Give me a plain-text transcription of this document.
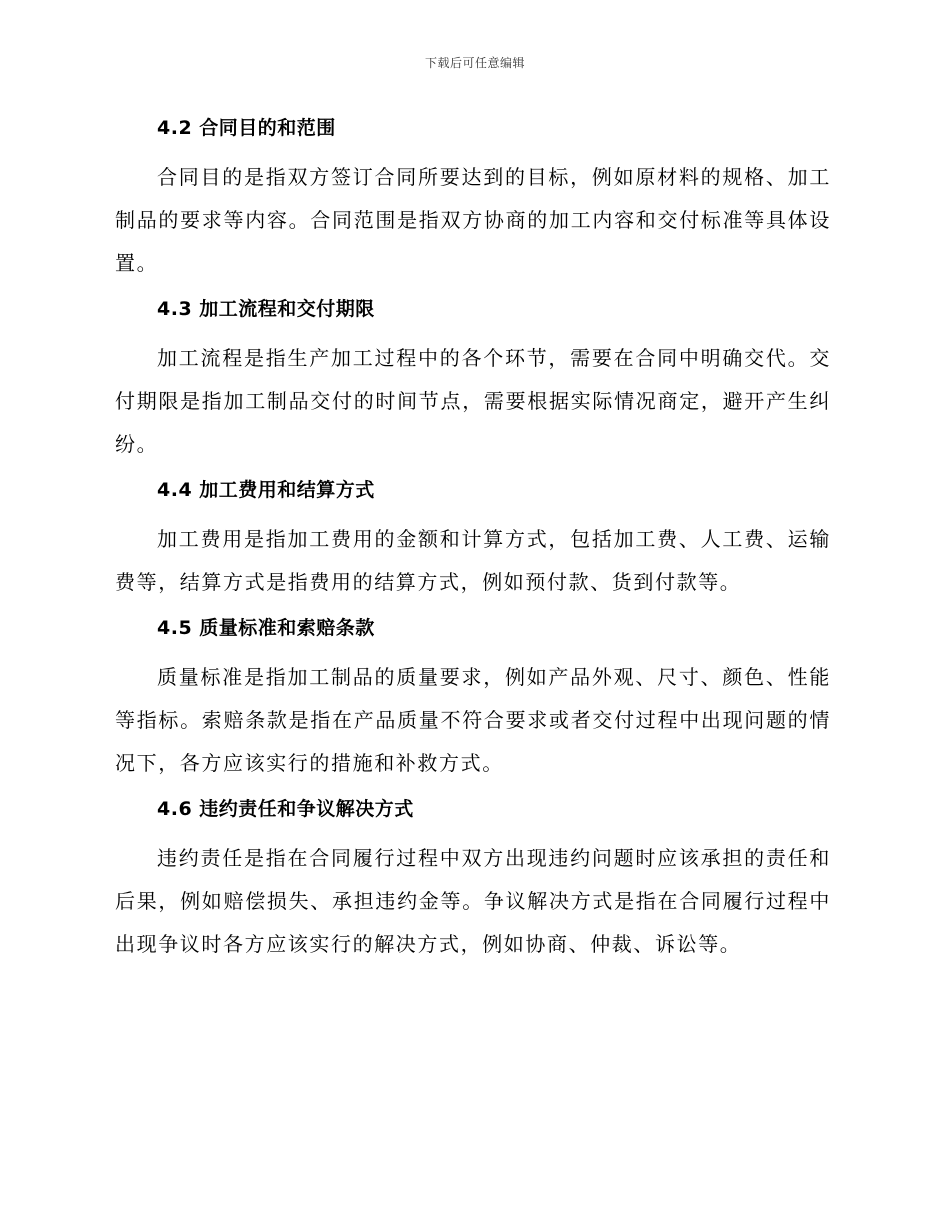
下载后可任意编辑
4.2 合同目的和范围

合同目的是指双方签订合同所要达到的目标，例如原材料的规格、加工制品的要求等内容。合同范围是指双方协商的加工内容和交付标准等具体设置。

4.3 加工流程和交付期限

加工流程是指生产加工过程中的各个环节，需要在合同中明确交代。交付期限是指加工制品交付的时间节点，需要根据实际情况商定，避开产生纠纷。

4.4 加工费用和结算方式

加工费用是指加工费用的金额和计算方式，包括加工费、人工费、运输费等，结算方式是指费用的结算方式，例如预付款、货到付款等。

4.5 质量标准和索赔条款

质量标准是指加工制品的质量要求，例如产品外观、尺寸、颜色、性能等指标。索赔条款是指在产品质量不符合要求或者交付过程中出现问题的情况下，各方应该实行的措施和补救方式。

4.6 违约责任和争议解决方式

违约责任是指在合同履行过程中双方出现违约问题时应该承担的责任和后果，例如赔偿损失、承担违约金等。争议解决方式是指在合同履行过程中出现争议时各方应该实行的解决方式，例如协商、仲裁、诉讼等。
